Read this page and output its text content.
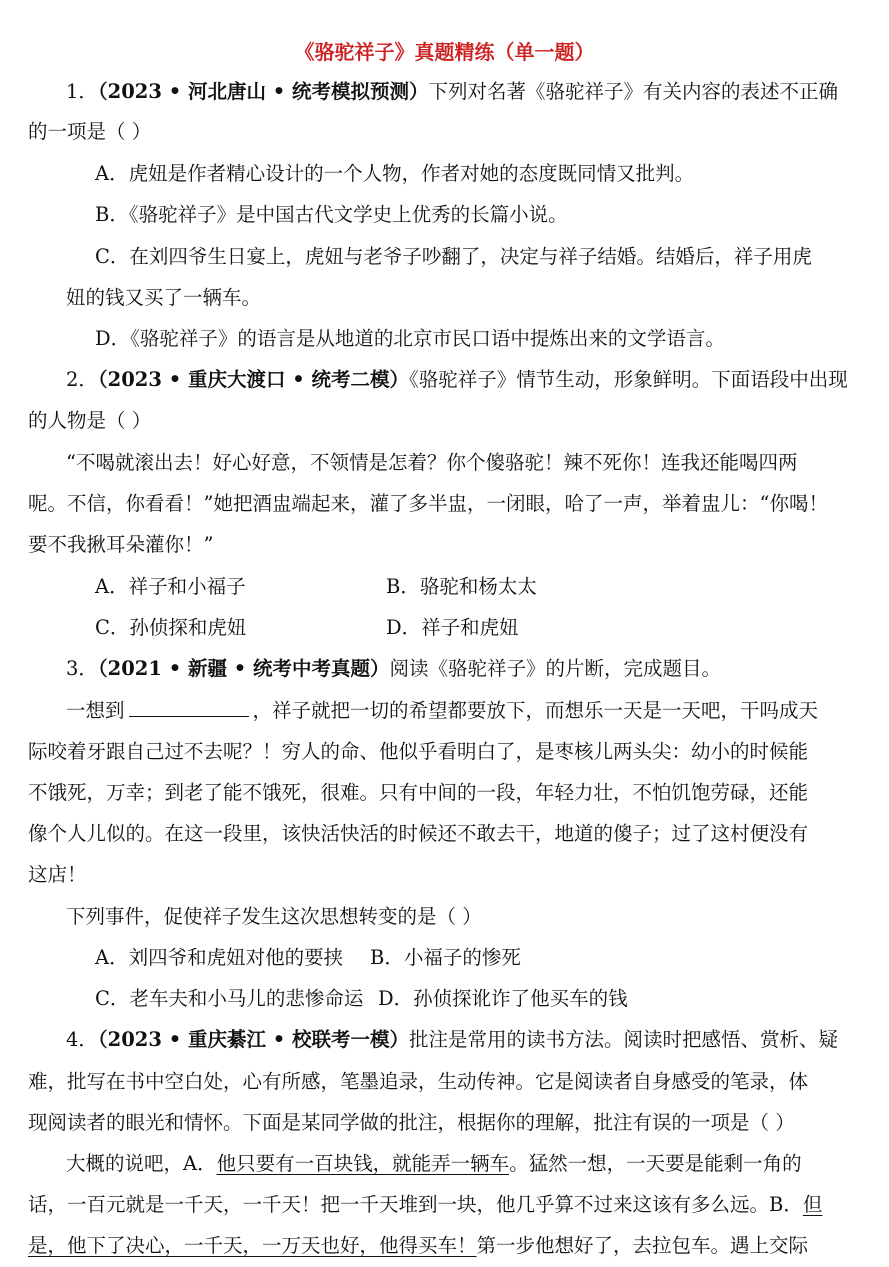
《骆驼祥子》真题精练（单一题）
1．（2023 • 河北唐山 • 统考模拟预测）下列对名著《骆驼祥子》有关内容的表述不正确
的一项是（ ）
A．虎妞是作者精心设计的一个人物，作者对她的态度既同情又批判。
B．《骆驼祥子》是中国古代文学史上优秀的长篇小说。
C．在刘四爷生日宴上，虎妞与老爷子吵翻了，决定与祥子结婚。结婚后，祥子用虎
妞的钱又买了一辆车。
D．《骆驼祥子》的语言是从地道的北京市民口语中提炼出来的文学语言。
2．（2023 • 重庆大渡口 • 统考二模）《骆驼祥子》情节生动，形象鲜明。下面语段中出现
的人物是（ ）
“不喝就滚出去！好心好意，不领情是怎着？你个傻骆驼！辣不死你！连我还能喝四两
呢。不信，你看看！”她把酒盅端起来，灌了多半盅，一闭眼，哈了一声，举着盅儿：“你喝！
要不我揪耳朵灌你！”
A．祥子和小福子	B．骆驼和杨太太
C．孙侦探和虎妞	D．祥子和虎妞
3．（2021 • 新疆 • 统考中考真题）阅读《骆驼祥子》的片断，完成题目。
一想到	，祥子就把一切的希望都要放下，而想乐一天是一天吧，干吗成天
际咬着牙跟自己过不去呢？！穷人的命、他似乎看明白了，是枣核儿两头尖：幼小的时候能
不饿死，万幸；到老了能不饿死，很难。只有中间的一段，年轻力壮，不怕饥饱劳碌，还能
像个人儿似的。在这一段里，该快活快活的时候还不敢去干，地道的傻子；过了这村便没有
这店！
下列事件，促使祥子发生这次思想转变的是（ ）
A．刘四爷和虎妞对他的要挟 B．小福子的惨死
C．老车夫和小马儿的悲惨命运 D．孙侦探讹诈了他买车的钱
4．（2023 • 重庆綦江 • 校联考一模）批注是常用的读书方法。阅读时把感悟、赏析、疑
难，批写在书中空白处，心有所感，笔墨追录，生动传神。它是阅读者自身感受的笔录，体
现阅读者的眼光和情怀。下面是某同学做的批注，根据你的理解，批注有误的一项是（ ）
大概的说吧，A．他只要有一百块钱，就能弄一辆车。猛然一想，一天要是能剩一角的
话，一百元就是一千天，一千天！把一千天堆到一块，他几乎算不过来这该有多么远。B．但
是，他下了决心，一千天，一万天也好，他得买车！第一步他想好了，去拉包车。遇上交际
